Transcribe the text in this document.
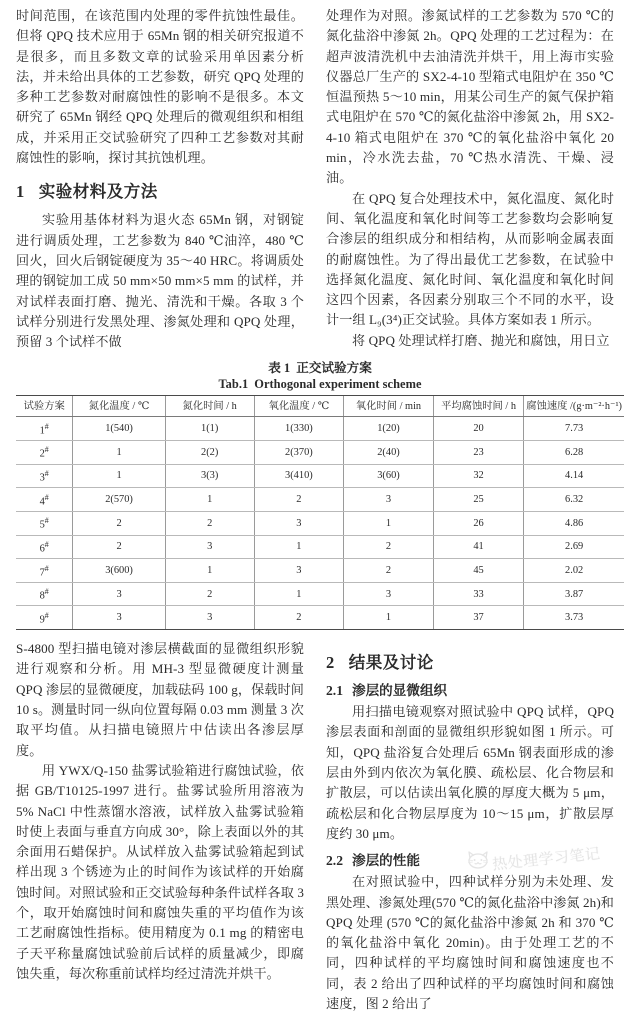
时间范围，在该范围内处理的零件抗蚀性最佳。但将 QPQ 技术应用于 65Mn 钢的相关研究报道不是很多，而且多数文章的试验采用单因素分析法，并未给出具体的工艺参数，研究 QPQ 处理的多种工艺参数对耐腐蚀性的影响不是很多。本文研究了 65Mn 钢经 QPQ 处理后的微观组织和相组成，并采用正交试验研究了四种工艺参数对其耐腐蚀性的影响，探讨其抗蚀机理。

1 实验材料及方法

实验用基体材料为退火态 65Mn 钢，对钢锭进行调质处理，工艺参数为 840 ℃油淬，480 ℃回火，回火后钢锭硬度为 35～40 HRC。将调质处理的钢锭加工成 50 mm×50 mm×5 mm 的试样，并对试样表面打磨、抛光、清洗和干燥。各取 3 个试样分别进行发黑处理、渗氮处理和 QPQ 处理，预留 3 个试样不做

处理作为对照。渗氮试样的工艺参数为 570 ℃的氮化盐浴中渗氮 2h。QPQ 处理的工艺过程为：在超声波清洗机中去油清洗并烘干，用上海市实验仪器总厂生产的 SX2-4-10 型箱式电阻炉在 350 ℃恒温预热 5～10 min，用某公司生产的氮气保护箱式电阻炉在 570 ℃的氮化盐浴中渗氮 2h，用 SX2-4-10 箱式电阻炉在 370 ℃的氧化盐浴中氧化 20 min，冷水洗去盐，70 ℃热水清洗、干燥、浸油。

在 QPQ 复合处理技术中，氮化温度、氮化时间、氧化温度和氧化时间等工艺参数均会影响复合渗层的组织成分和相结构，从而影响金属表面的耐腐蚀性。为了得出最优工艺参数，在试验中选择氮化温度、氮化时间、氧化温度和氧化时间这四个因素，各因素分别取三个不同的水平，设计一组 L₉(3⁴)正交试验。具体方案如表 1 所示。

将 QPQ 处理试样打磨、抛光和腐蚀，用日立

表 1 正交试验方案
Tab.1 Orthogonal experiment scheme
试验方案	氮化温度 / ℃	氮化时间 / h	氧化温度 / ℃	氧化时间 / min	平均腐蚀时间 / h	腐蚀速度 /(g·m⁻²·h⁻¹)
1#	1(540)	1(1)	1(330)	1(20)	20	7.73
2#	1	2(2)	2(370)	2(40)	23	6.28
3#	1	3(3)	3(410)	3(60)	32	4.14
4#	2(570)	1	2	3	25	6.32
5#	2	2	3	1	26	4.86
6#	2	3	1	2	41	2.69
7#	3(600)	1	3	2	45	2.02
8#	3	2	1	3	33	3.87
9#	3	3	2	1	37	3.73

S-4800 型扫描电镜对渗层横截面的显微组织形貌进行观察和分析。用 MH-3 型显微硬度计测量 QPQ 渗层的显微硬度，加载砝码 100 g，保载时间 10 s。测量时同一纵向位置每隔 0.03 mm 测量 3 次取平均值。从扫描电镜照片中估读出各渗层厚度。

用 YWX/Q-150 盐雾试验箱进行腐蚀试验，依据 GB/T10125-1997 进行。盐雾试验所用溶液为 5% NaCl 中性蒸馏水溶液，试样放入盐雾试验箱时使上表面与垂直方向成 30°，除上表面以外的其余面用石蜡保护。从试样放入盐雾试验箱起到试样出现 3 个锈迹为止的时间作为该试样的开始腐蚀时间。对照试验和正交试验每种条件试样各取 3 个，取开始腐蚀时间和腐蚀失重的平均值作为该工艺耐腐蚀性指标。使用精度为 0.1 mg 的精密电子天平称量腐蚀试验前后试样的质量减少，即腐蚀失重，每次称重前试样均经过清洗并烘干。

2 结果及讨论
2.1 渗层的显微组织

用扫描电镜观察对照试验中 QPQ 试样，QPQ 渗层表面和剖面的显微组织形貌如图 1 所示。可知，QPQ 盐浴复合处理后 65Mn 钢表面形成的渗层由外到内依次为氧化膜、疏松层、化合物层和扩散层，可以估读出氧化膜的厚度大概为 5 μm，疏松层和化合物层厚度为 10～15 μm，扩散层厚度约 30 μm。

2.2 渗层的性能

在对照试验中，四种试样分别为未处理、发黑处理、渗氮处理(570 ℃的氮化盐浴中渗氮 2h)和 QPQ 处理 (570 ℃的氮化盐浴中渗氮 2h 和 370 ℃的氧化盐浴中氧化 20min)。由于处理工艺的不同，四种试样的平均腐蚀时间和腐蚀速度也不同，表 2 给出了四种试样的平均腐蚀时间和腐蚀速度，图 2 给出了

热处理学习笔记
